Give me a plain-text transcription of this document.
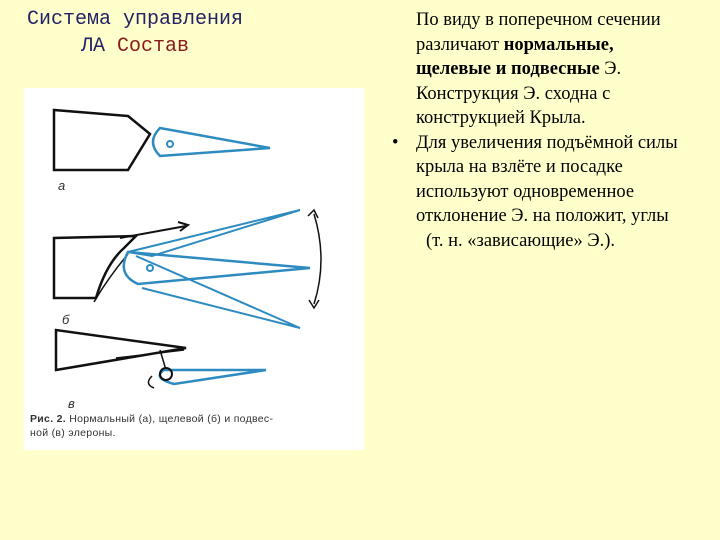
Система управления
ЛА Состав
а
б
в
Рис. 2. Нормальный (а), щелевой (б) и подвес-
ной (в) элероны.
По виду в поперечном сечении
различают нормальные,
щелевые и подвесные Э.
Конструкция Э. сходна с
конструкцией Крыла.
• Для увеличения подъёмной силы
крыла на взлёте и посадке
используют одновременное
отклонение Э. на положит, углы
(т. н. «зависающие» Э.).
